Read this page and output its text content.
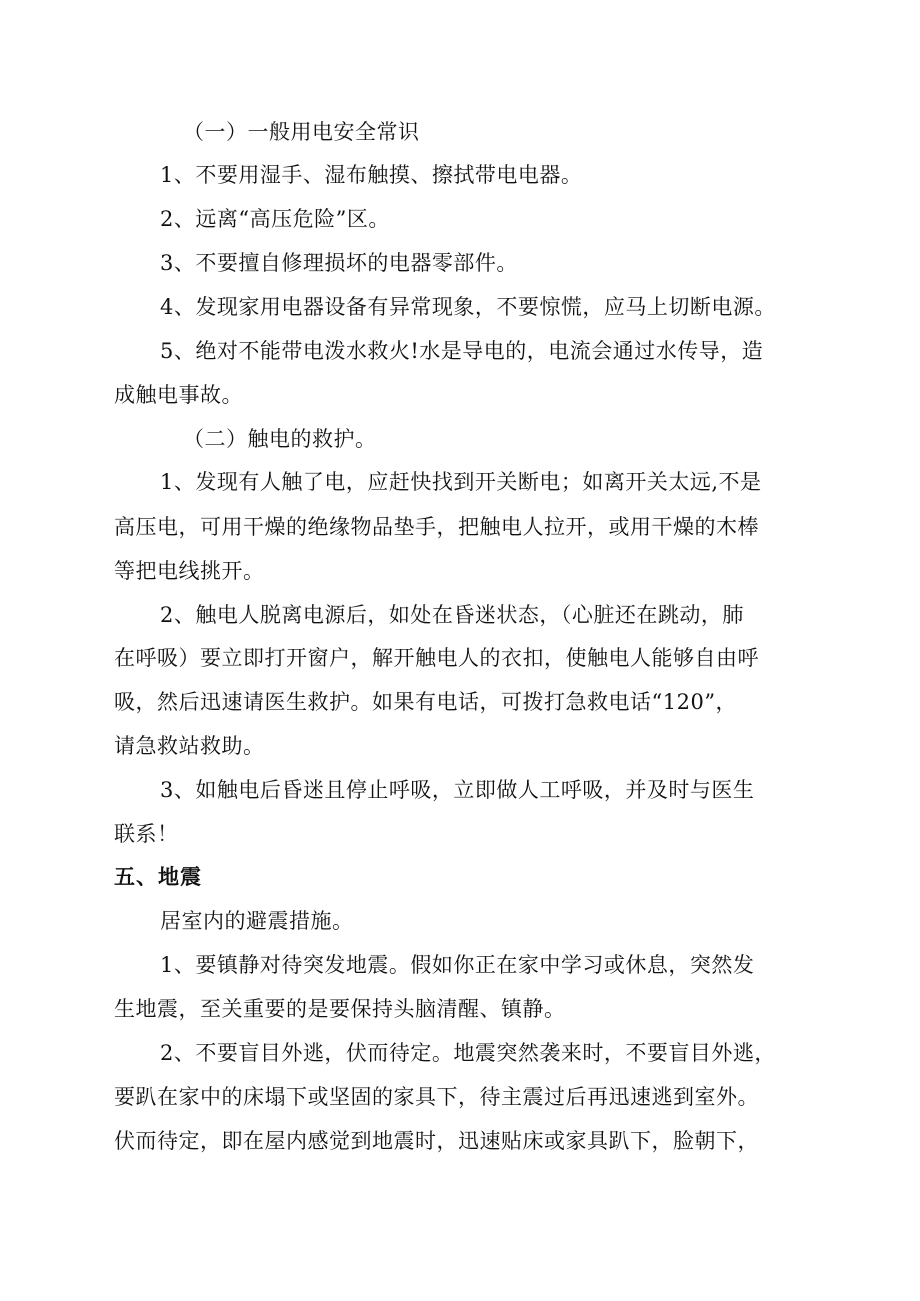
（一）一般用电安全常识
1、不要用湿手、湿布触摸、擦拭带电电器。
2、远离“高压危险”区。
3、不要擅自修理损坏的电器零部件。
4、发现家用电器设备有异常现象，不要惊慌，应马上切断电源。
5、绝对不能带电泼水救火!水是导电的，电流会通过水传导，造
成触电事故。
（二）触电的救护。
1、发现有人触了电，应赶快找到开关断电；如离开关太远,不是
高压电，可用干燥的绝缘物品垫手，把触电人拉开，或用干燥的木棒
等把电线挑开。
2、触电人脱离电源后，如处在昏迷状态，（心脏还在跳动，肺
在呼吸）要立即打开窗户，解开触电人的衣扣，使触电人能够自由呼
吸，然后迅速请医生救护。如果有电话，可拨打急救电话“120”，
请急救站救助。
3、如触电后昏迷且停止呼吸，立即做人工呼吸，并及时与医生
联系！
五、地震
居室内的避震措施。
1、要镇静对待突发地震。假如你正在家中学习或休息，突然发
生地震，至关重要的是要保持头脑清醒、镇静。
2、不要盲目外逃，伏而待定。地震突然袭来时，不要盲目外逃，
要趴在家中的床塌下或坚固的家具下，待主震过后再迅速逃到室外。
伏而待定，即在屋内感觉到地震时，迅速贴床或家具趴下，脸朝下，
